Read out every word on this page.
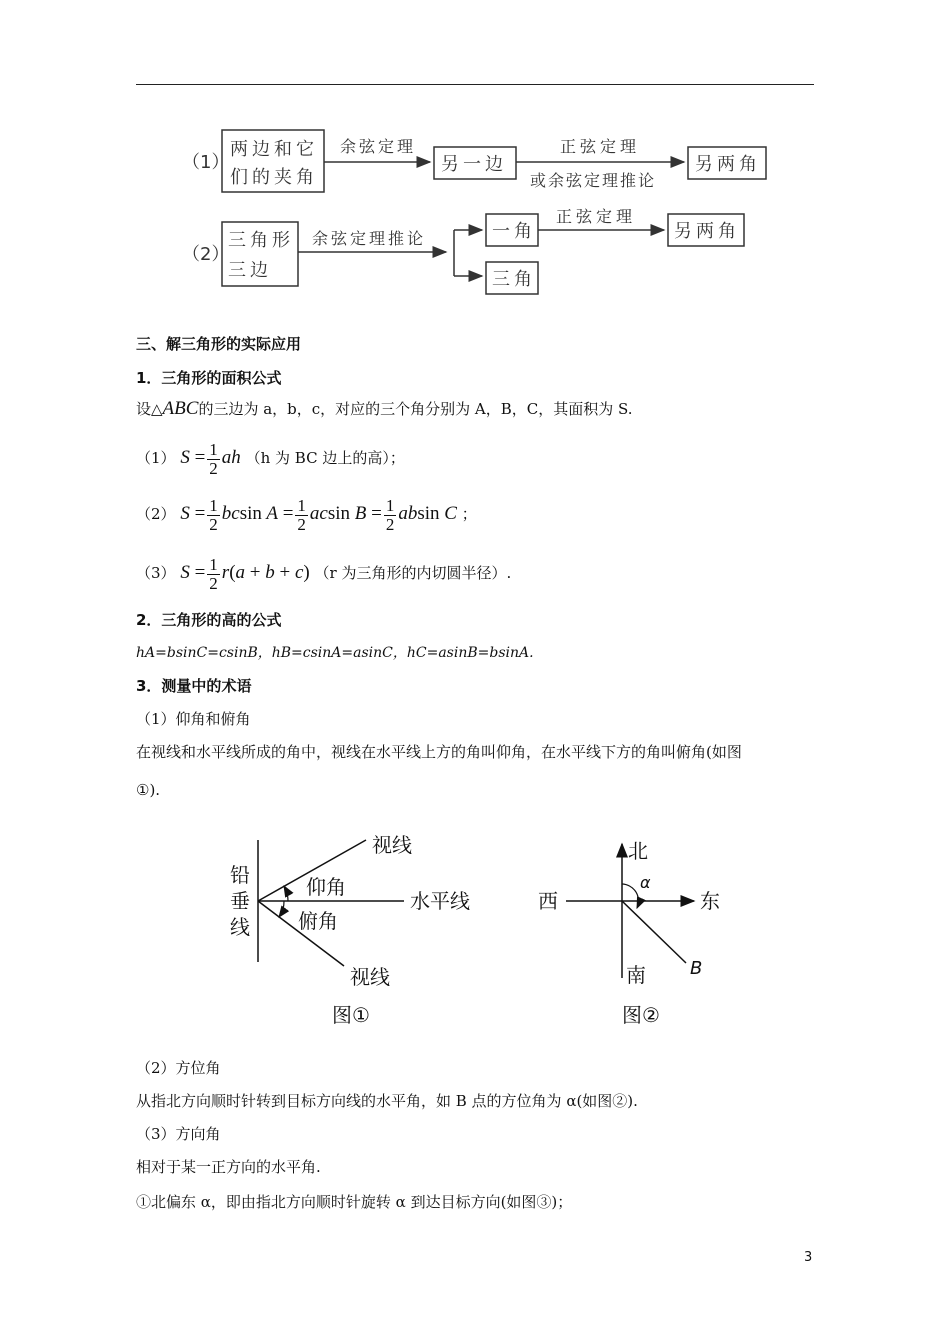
（1）
两边和它
们的夹角
余弦定理
另一边
正弦定理
或余弦定理推论
另两角
（2）
三角形
三边
余弦定理推论	一角
正弦定理
另两角
三角
三、解三角形的实际应用
1．三角形的面积公式
设△ABC的三边为 a，b，c，对应的三个角分别为 A，B，C，其面积为 S.
（1） $S = \frac{1}{2}$ ah （h 为 BC 边上的高）；
（2） $S = \frac{1}{2}$ bcsin $A = \frac{1}{2}$ acsin $B = \frac{1}{2}$ absin C ；
（3） $S = \frac{1}{2} r(a + b + c)$ （r 为三角形的内切圆半径）.
2．三角形的高的公式
hA=bsinC=csinB，hB=csinA=asinC，hC=asinB=bsinA.
3．测量中的术语
（1）仰角和俯角
在视线和水平线所成的角中，视线在水平线上方的角叫仰角，在水平线下方的角叫俯角(如图
①).
铅
垂
线
视线
仰角
水平线
俯角
视线
图①
北
西	东
南
α
B
图②
（2）方位角
从指北方向顺时针转到目标方向线的水平角，如 B 点的方位角为 α(如图②).
（3）方向角
相对于某一正方向的水平角.
①北偏东 α，即由指北方向顺时针旋转 α 到达目标方向(如图③)；
3
